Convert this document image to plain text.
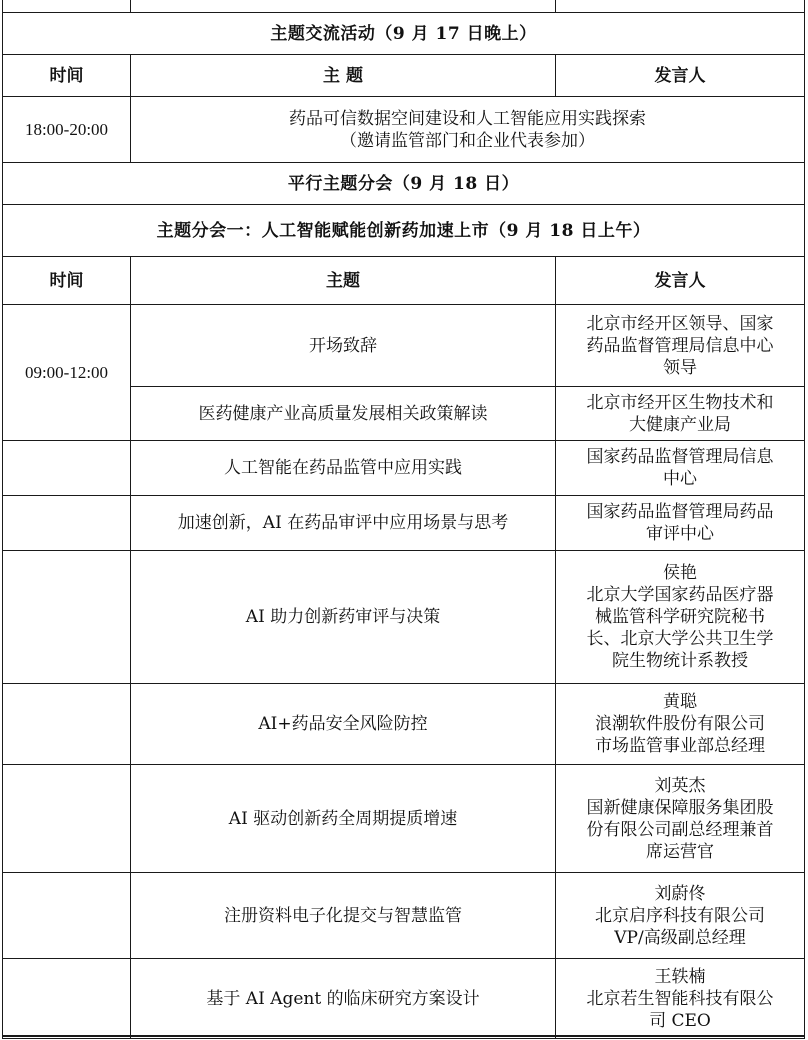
主题交流活动（9 月 17 日晚上）		
时间	主 题	发言人
18:00-20:00	药品可信数据空间建设和人工智能应用实践探索
（邀请监管部门和企业代表参加）	

平行主题分会（9 月 18 日）		
主题分会一：人工智能赋能创新药加速上市（9 月 18 日上午）		
时间	主题	发言人
09:00-12:00	开场致辞	北京市经开区领导、国家
药品监督管理局信息中心
领导

	医药健康产业高质量发展相关政策解读	北京市经开区生物技术和
大健康产业局

	人工智能在药品监管中应用实践	国家药品监督管理局信息
中心

	加速创新，AI 在药品审评中应用场景与思考	国家药品监督管理局药品
审评中心

	AI 助力创新药审评与决策	侯艳
北京大学国家药品医疗器
械监管科学研究院秘书
长、北京大学公共卫生学
院生物统计系教授

	AI+药品安全风险防控	黄聪
浪潮软件股份有限公司
市场监管事业部总经理

	AI 驱动创新药全周期提质增速	刘英杰
国新健康保障服务集团股
份有限公司副总经理兼首
席运营官

	注册资料电子化提交与智慧监管	刘蔚佟
北京启序科技有限公司
VP/高级副总经理

	基于 AI Agent 的临床研究方案设计	王轶楠
北京若生智能科技有限公
司 CEO
